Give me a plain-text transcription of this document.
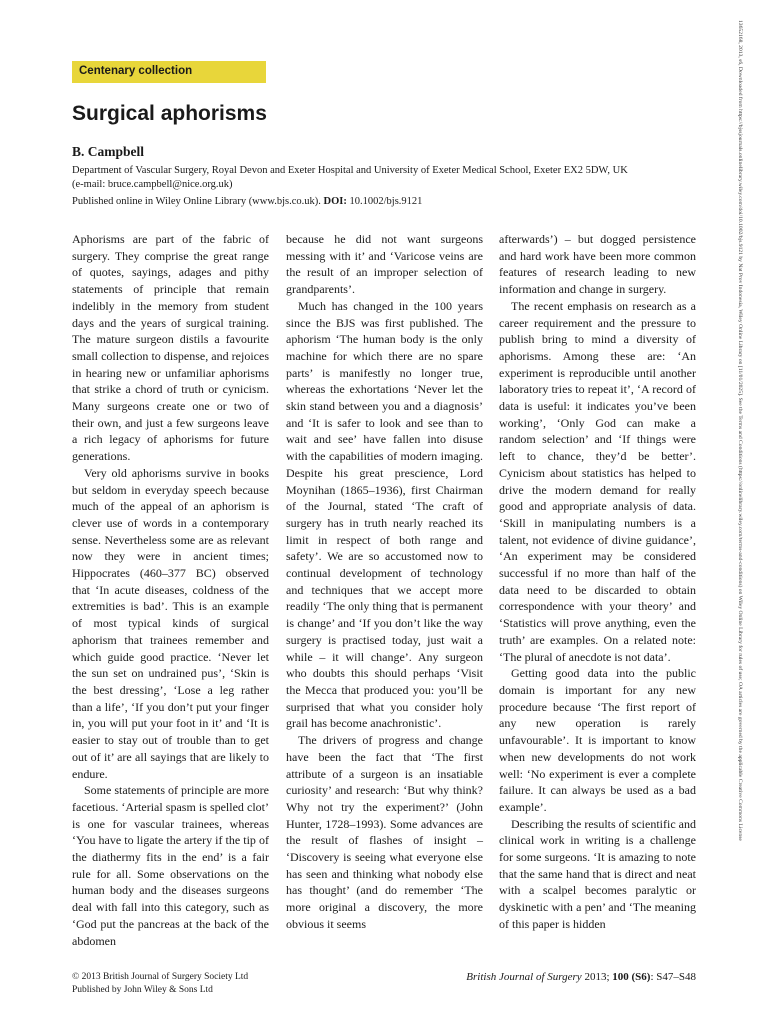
Centenary collection
Surgical aphorisms
B. Campbell
Department of Vascular Surgery, Royal Devon and Exeter Hospital and University of Exeter Medical School, Exeter EX2 5DW, UK
(e-mail: bruce.campbell@nice.org.uk)
Published online in Wiley Online Library (www.bjs.co.uk). DOI: 10.1002/bjs.9121

Aphorisms are part of the fabric of surgery. They comprise the great range of quotes, sayings, adages and pithy statements of principle that remain indelibly in the memory from student days and the years of surgical training. The mature surgeon distils a favourite small collection to dispense, and rejoices in hearing new or unfamiliar aphorisms that strike a chord of truth or cynicism. Many surgeons create one or two of their own, and just a few surgeons leave a rich legacy of aphorisms for future generations.

Very old aphorisms survive in books but seldom in everyday speech because much of the appeal of an aphorism is clever use of words in a contemporary sense. Nevertheless some are as relevant now they were in ancient times; Hippocrates (460–377 BC) observed that ‘In acute diseases, coldness of the extremities is bad’. This is an example of most typical kinds of surgical aphorism that trainees remember and which guide good practice. ‘Never let the sun set on undrained pus’, ‘Skin is the best dressing’, ‘Lose a leg rather than a life’, ‘If you don’t put your finger in, you will put your foot in it’ and ‘It is easier to stay out of trouble than to get out of it’ are all sayings that are likely to endure.

Some statements of principle are more facetious. ‘Arterial spasm is spelled clot’ is one for vascular trainees, whereas ‘You have to ligate the artery if the tip of the diathermy fits in the end’ is a fair rule for all. Some observations on the human body and the diseases surgeons deal with fall into this category, such as ‘God put the pancreas at the back of the abdomen

because he did not want surgeons messing with it’ and ‘Varicose veins are the result of an improper selection of grandparents’.

Much has changed in the 100 years since the BJS was first published. The aphorism ‘The human body is the only machine for which there are no spare parts’ is manifestly no longer true, whereas the exhortations ‘Never let the skin stand between you and a diagnosis’ and ‘It is safer to look and see than to wait and see’ have fallen into disuse with the capabilities of modern imaging. Despite his great prescience, Lord Moynihan (1865–1936), first Chairman of the Journal, stated ‘The craft of surgery has in truth nearly reached its limit in respect of both range and safety’. We are so accustomed now to continual development of technology and techniques that we accept more readily ‘The only thing that is permanent is change’ and ‘If you don’t like the way surgery is practised today, just wait a while – it will change’. Any surgeon who doubts this should perhaps ‘Visit the Mecca that produced you: you’ll be surprised that what you consider holy grail has become anachronistic’.

The drivers of progress and change have been the fact that ‘The first attribute of a surgeon is an insatiable curiosity’ and research: ‘But why think? Why not try the experiment?’ (John Hunter, 1728–1993). Some advances are the result of flashes of insight – ‘Discovery is seeing what everyone else has seen and thinking what nobody else has thought’ (and do remember ‘The more original a discovery, the more obvious it seems

afterwards’) – but dogged persistence and hard work have been more common features of research leading to new information and change in surgery.

The recent emphasis on research as a career requirement and the pressure to publish bring to mind a diversity of aphorisms. Among these are: ‘An experiment is reproducible until another laboratory tries to repeat it’, ‘A record of data is useful: it indicates you’ve been working’, ‘Only God can make a random selection’ and ‘If things were left to chance, they’d be better’. Cynicism about statistics has helped to drive the modern demand for really good and appropriate analysis of data. ‘Skill in manipulating numbers is a talent, not evidence of divine guidance’, ‘An experiment may be considered successful if no more than half of the data need to be discarded to obtain correspondence with your theory’ and ‘Statistics will prove anything, even the truth’ are examples. On a related note: ‘The plural of anecdote is not data’.

Getting good data into the public domain is important for any new procedure because ‘The first report of any new operation is rarely unfavourable’. It is important to know when new developments do not work well: ‘No experiment is ever a complete failure. It can always be used as a bad example’.

Describing the results of scientific and clinical work in writing is a challenge for some surgeons. ‘It is amazing to note that the same hand that is direct and neat with a scalpel becomes paralytic or dyskinetic with a pen’ and ‘The meaning of this paper is hidden

© 2013 British Journal of Surgery Society Ltd
Published by John Wiley & Sons Ltd
British Journal of Surgery 2013; 100 (S6): S47–S48
13652168, 2013, s6, Downloaded from https://bjssjournals.onlinelibrary.wiley.com/doi/10.1002/bjs.9121 by Nat Prov Indonesia, Wiley Online Library on [11/01/2025]. See the Terms and Conditions (https://onlinelibrary.wiley.com/terms-and-conditions) on Wiley Online Library for rules of use; OA articles are governed by the applicable Creative Commons License
